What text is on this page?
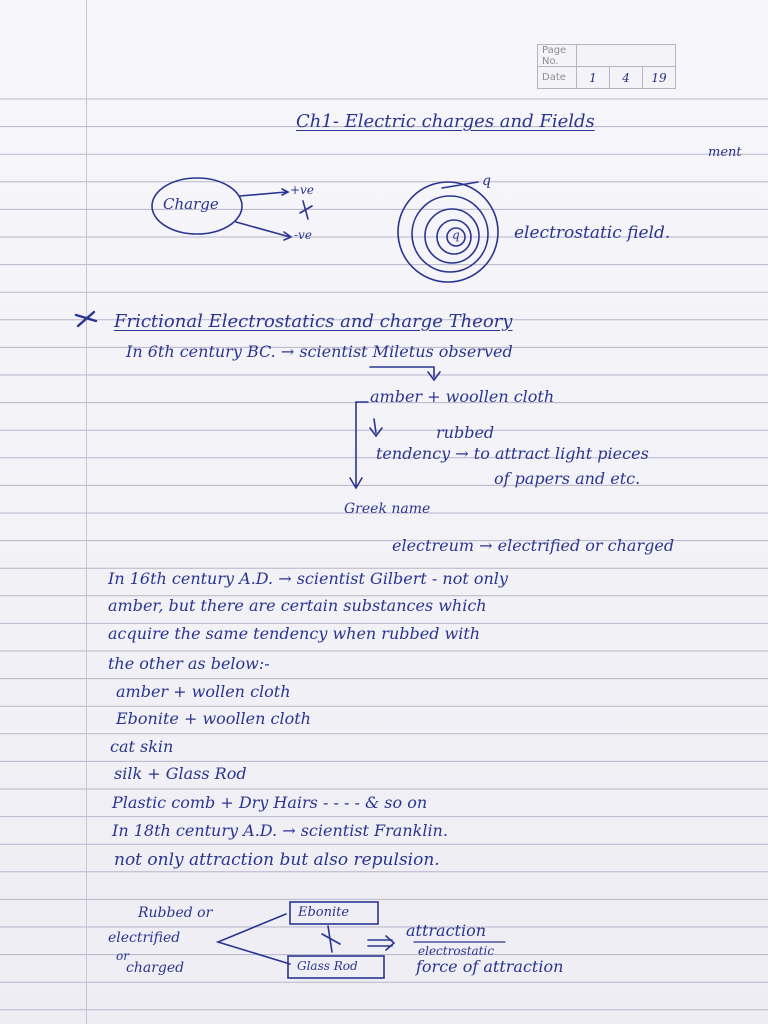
Page No.
Date	1	4	19
ment
Ch1- Electric charges and Fields
Charge
+ve
-ve
q
q	electrostatic field.
Frictional Electrostatics and charge Theory
In 6th century BC. → scientist Miletus observed
amber + woollen cloth
rubbed
tendency → to attract light pieces
of papers and etc.
Greek name
electreum → electrified or charged
In 16th century A.D. → scientist Gilbert - not only
amber, but there are certain substances which
acquire the same tendency when rubbed with
the other as below:-
amber + wollen cloth
Ebonite + woollen cloth
cat skin
silk + Glass Rod
Plastic comb + Dry Hairs - - - - & so on
In 18th century A.D. → scientist Franklin.
not only attraction but also repulsion.
Rubbed or
electrified
or
charged
Ebonite
Glass Rod
attraction
electrostatic
force of attraction
